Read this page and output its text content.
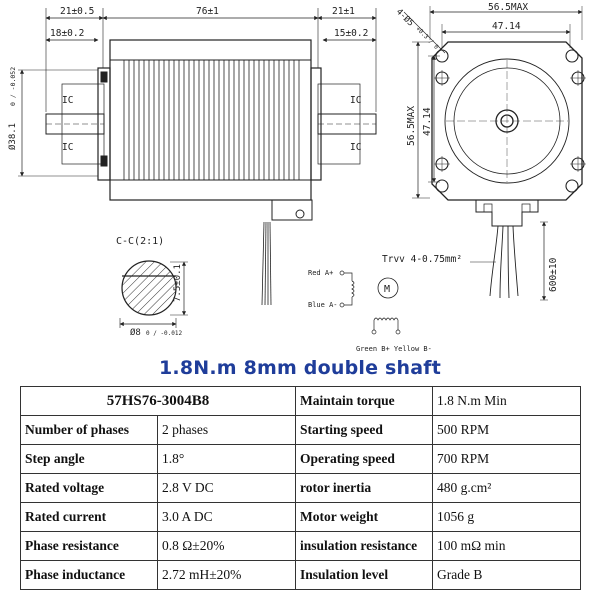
21±0.5	76±1	21±1
18±0.2	15±0.2
IC
IC
IC
IC
Ø38.1
0 / -0.052
C-C(2:1)
7.5±0.1
Ø8 0 / -0.012
Red A+
Blue A-
M
Green B+ Yellow B-
56.5MAX
47.14
56.5MAX 47.14
4-Ø5
+0.3 / 0
600±10
Trvv 4-0.75mm²
1.8N.m 8mm double shaft
57HS76-3004B8		Maintain torque	1.8 N.m Min
Number of phases	2 phases	Starting speed	500 RPM
Step angle	1.8°	Operating speed	700 RPM
Rated voltage	2.8 V DC	rotor inertia	480 g.cm²
Rated current	3.0 A DC	Motor weight	1056 g
Phase resistance	0.8 Ω±20%	insulation resistance	100 mΩ min
Phase inductance	2.72 mH±20%	Insulation level	Grade B
